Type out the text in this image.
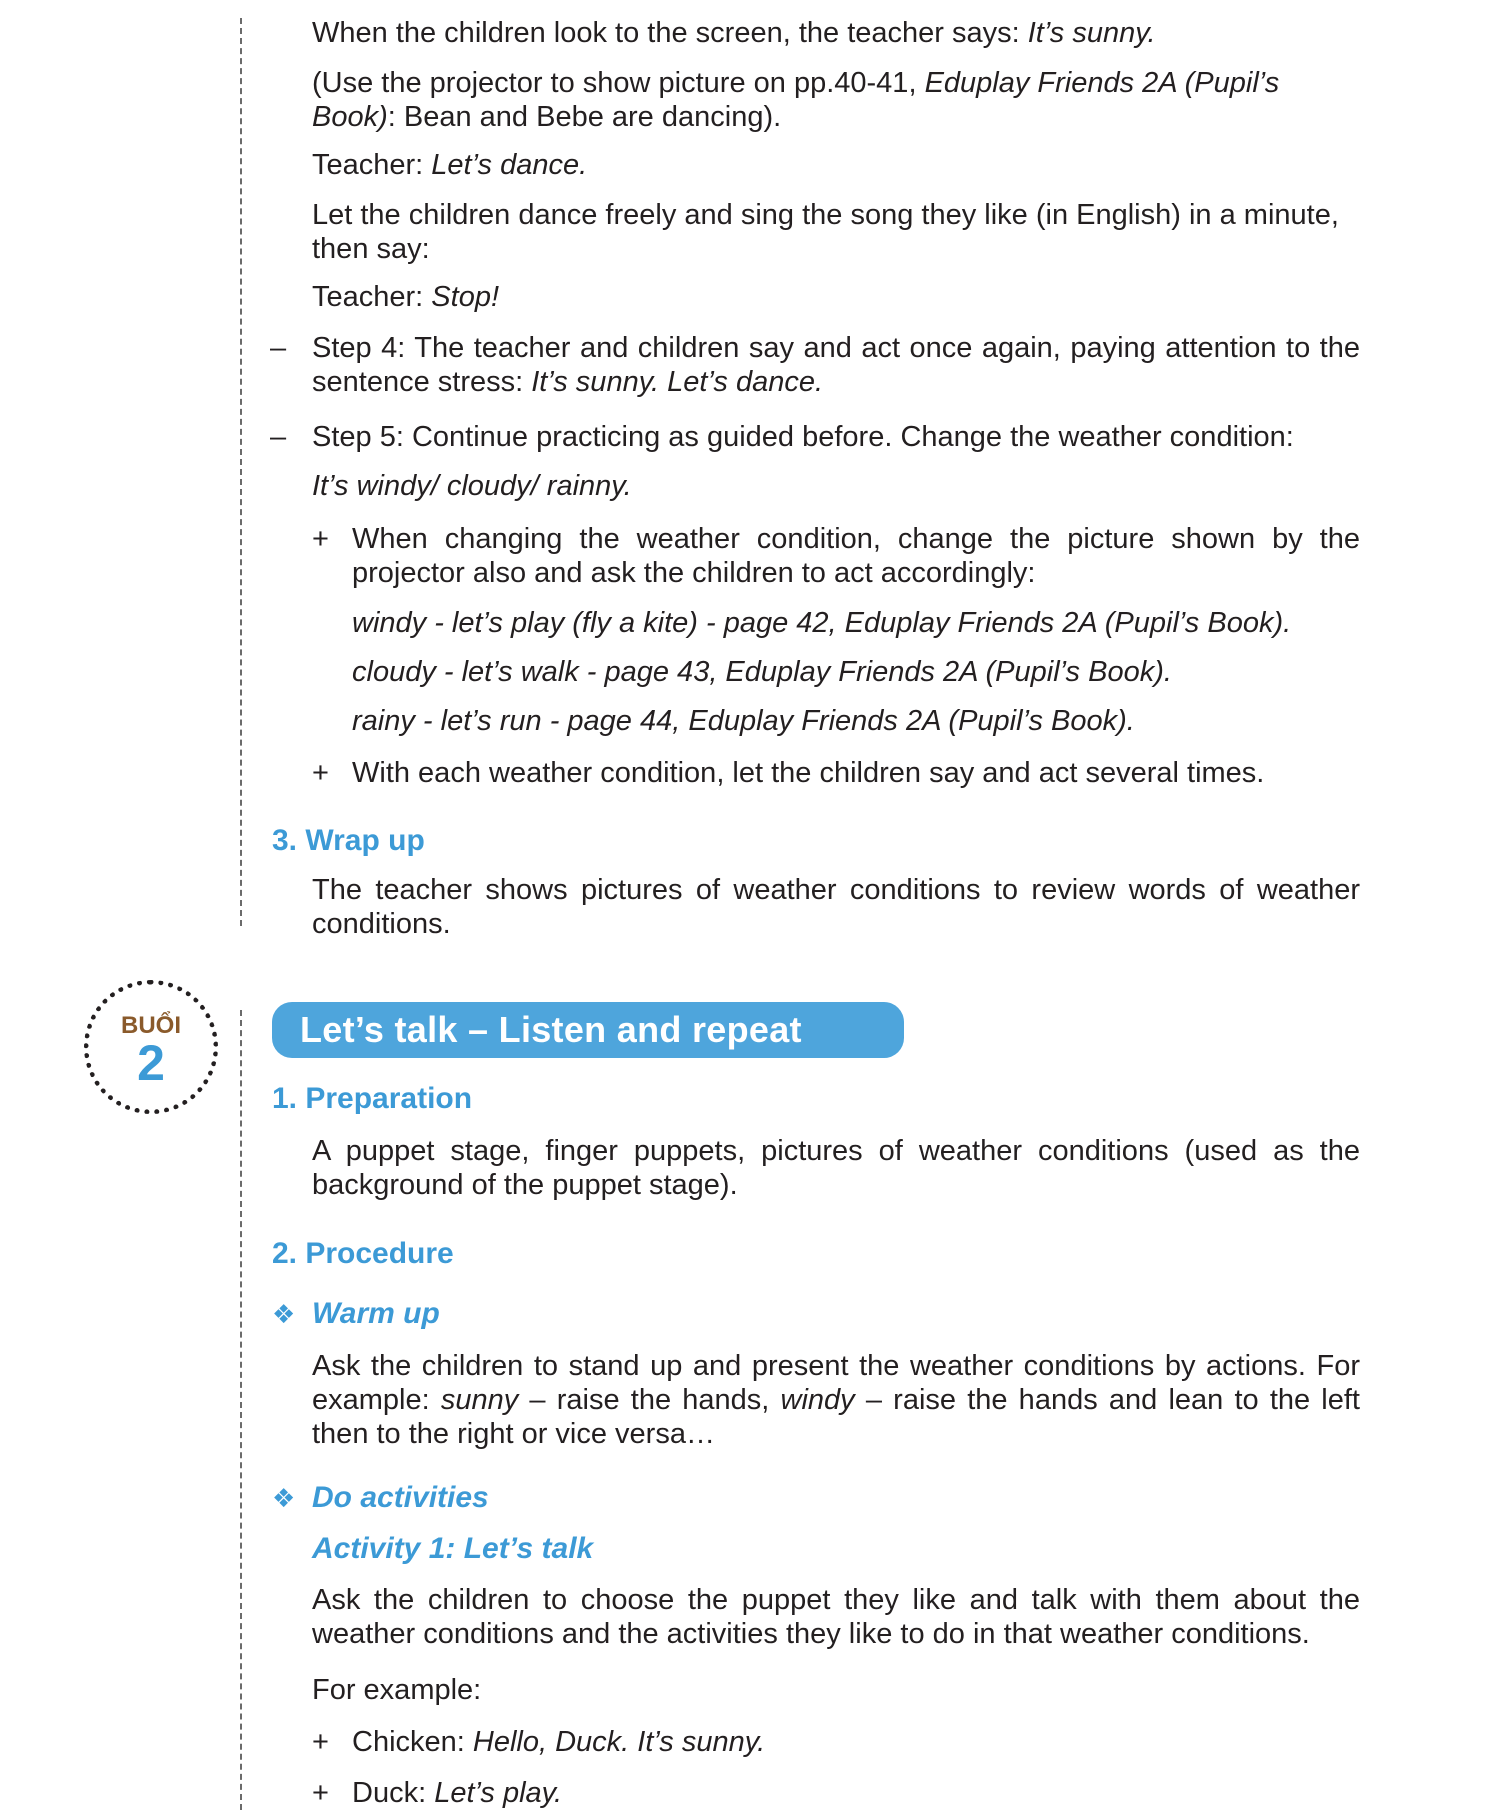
When the children look to the screen, the teacher says: It’s sunny.

(Use the projector to show picture on pp.40-41, Eduplay Friends 2A (Pupil’s Book): Bean and Bebe are dancing).

Teacher: Let’s dance.

Let the children dance freely and sing the song they like (in English) in a minute, then say:

Teacher: Stop!

– Step 4: The teacher and children say and act once again, paying attention to the sentence stress: It’s sunny. Let’s dance.

– Step 5: Continue practicing as guided before. Change the weather condition:

It’s windy/ cloudy/ rainny.

+ When changing the weather condition, change the picture shown by the projector also and ask the children to act accordingly:

windy - let’s play (fly a kite) - page 42, Eduplay Friends 2A (Pupil’s Book).

cloudy - let’s walk - page 43, Eduplay Friends 2A (Pupil’s Book).

rainy - let’s run - page 44, Eduplay Friends 2A (Pupil’s Book).

+ With each weather condition, let the children say and act several times.

3. Wrap up

The teacher shows pictures of weather conditions to review words of weather conditions.

BUỔI
2
Let’s talk – Listen and repeat
1. Preparation

A puppet stage, finger puppets, pictures of weather conditions (used as the background of the puppet stage).

2. Procedure
❖ Warm up

Ask the children to stand up and present the weather conditions by actions. For example: sunny – raise the hands, windy – raise the hands and lean to the left then to the right or vice versa…

❖ Do activities
Activity 1: Let’s talk

Ask the children to choose the puppet they like and talk with them about the weather conditions and the activities they like to do in that weather conditions.

For example:

+ Chicken: Hello, Duck. It’s sunny.

+ Duck: Let’s play.
